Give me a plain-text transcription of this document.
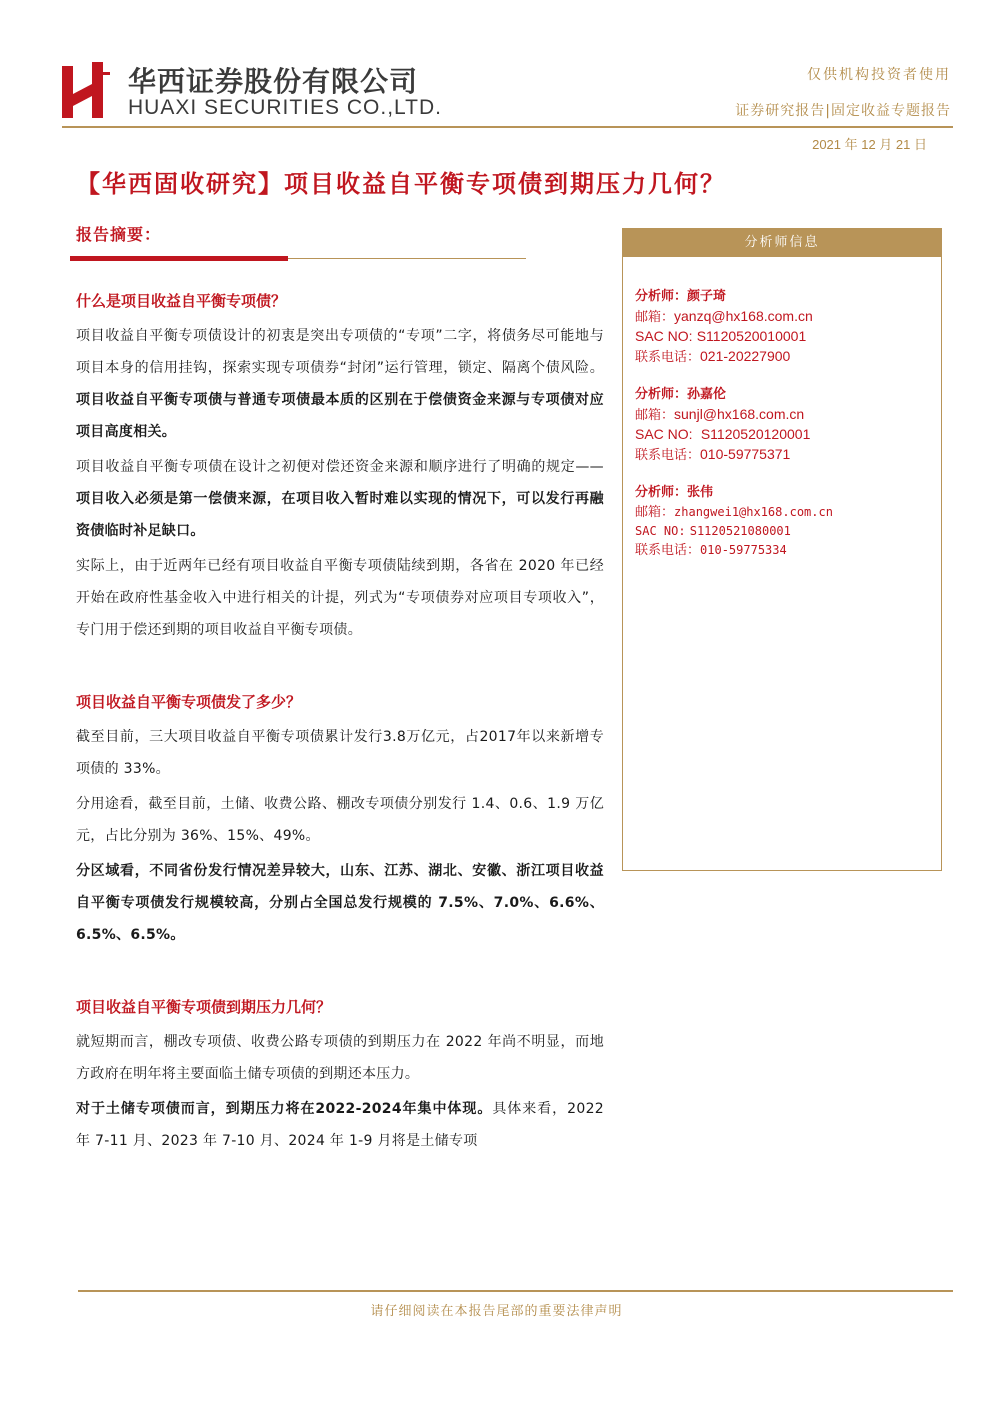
华西证券股份有限公司
HUAXI SECURITIES CO.,LTD.
仅供机构投资者使用
证券研究报告|固定收益专题报告
2021 年 12 月 21 日
【华西固收研究】项目收益自平衡专项债到期压力几何？
报告摘要：
什么是项目收益自平衡专项债？

项目收益自平衡专项债设计的初衷是突出专项债的“专项”二字，将债务尽可能地与项目本身的信用挂钩，探索实现专项债券“封闭”运行管理，锁定、隔离个债风险。项目收益自平衡专项债与普通专项债最本质的区别在于偿债资金来源与专项债对应项目高度相关。

项目收益自平衡专项债在设计之初便对偿还资金来源和顺序进行了明确的规定——项目收入必须是第一偿债来源，在项目收入暂时难以实现的情况下，可以发行再融资债临时补足缺口。

实际上，由于近两年已经有项目收益自平衡专项债陆续到期，各省在 2020 年已经开始在政府性基金收入中进行相关的计提，列式为“专项债券对应项目专项收入”，专门用于偿还到期的项目收益自平衡专项债。

项目收益自平衡专项债发了多少？

截至目前，三大项目收益自平衡专项债累计发行3.8万亿元，占2017年以来新增专项债的 33%。

分用途看，截至目前，土储、收费公路、棚改专项债分别发行 1.4、0.6、1.9 万亿元，占比分别为 36%、15%、49%。

分区域看，不同省份发行情况差异较大，山东、江苏、湖北、安徽、浙江项目收益自平衡专项债发行规模较高，分别占全国总发行规模的 7.5%、7.0%、6.6%、6.5%、6.5%。

项目收益自平衡专项债到期压力几何？

就短期而言，棚改专项债、收费公路专项债的到期压力在 2022 年尚不明显，而地方政府在明年将主要面临土储专项债的到期还本压力。

对于土储专项债而言，到期压力将在2022-2024年集中体现。具体来看，2022 年 7-11 月、2023 年 7-10 月、2024 年 1-9 月将是土储专项

分析师信息
分析师：颜子琦
邮箱：yanzq@hx168.com.cn
SAC NO: S1120520010001
联系电话：021-20227900
分析师：孙嘉伦
邮箱：sunjl@hx168.com.cn
SAC NO: S1120520120001
联系电话：010-59775371
分析师：张伟
邮箱：zhangwei1@hx168.com.cn
SAC NO: S1120521080001
联系电话：010-59775334
请仔细阅读在本报告尾部的重要法律声明
